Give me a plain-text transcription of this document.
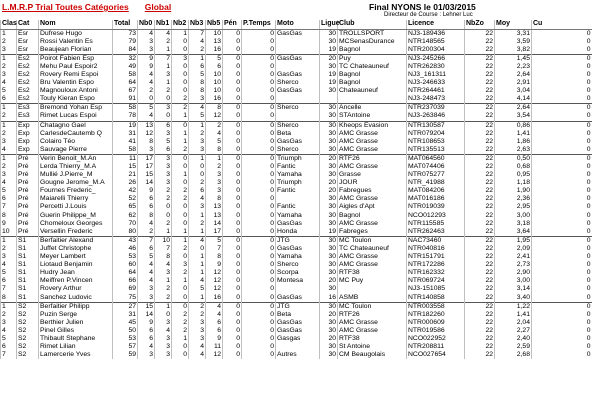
L.M.R.P Trial Toutes Catégories Global	Final NYONS le 01/03/2015
Directeur de Course : Lehner Luc
Clas	Cat	Nom	Total	Nb0	Nb1	Nb2	Nb3	Nb5	Pén	P.Temps	Moto	Ligue	Club	Licence	NbZo	Moy	Cu
1	Esr	Dufrese Hugo	73	4	4	1	7	10	0	0	GasGas	30	TROLLSPORT	NJ3-189436	22	3,31	0
2	Esr	Rossi Valentin Es	79	3	2	0	4	13	0	0		30	MCSenasDurance	NTR148565	22	3,59	0
3	Esr	Beaujean Florian	84	3	1	0	2	16	0	0		19	Bagnol	NTR200304	22	3,82	0
1	Es2	Poirot Fabien Esp	32	9	7	3	1	5	0	0	GasGas	20	Puy	NJ3-245266	22	1,45	0
2	Es2	Mehu Paul Espoir2	49	9	1	0	6	6	0	0		30	TC Chateauneuf	NTR262830	22	2,23	0
3	Es2	Rovery Remi Espoi	58	4	3	0	5	10	0	0	GasGas	19	Bagnol	NJ3_161311	22	2,64	0
4	Es2	Bru Valentin Espo	64	4	1	0	8	10	0	0	Sherco	19	Bagnol	NJ3-246633	22	2,91	0
5	Es2	Magnouloux Antoni	67	2	2	0	8	10	0	0	GasGas	30	Chateauneuf	NTR264461	22	3,04	0
6	Es2	Touly Kieran Espo	91	0	0	2	3	16	0	0				NJ3-248473	22	4,14	0
1	Es3	Bremond Yohan Esp	58	5	3	2	4	8	0	0	Sherco	30	Ancelle	NTR237039	22	2,64	0
2	Es3	Rimet Lucas Espoi	78	4	0	1	5	12	0	0		30	STAntoine	NJ3-263846	22	3,54	0
1	Exp	Chatagno Gael	19	13	6	0	1	2	0	0	Sherco	30	Kheops Evasion	NTR130587	22	0,86	0
2	Exp	CarlesdeCautemb Q	31	12	3	1	2	4	0	0	Beta	30	AMC Grasse	NTR079204	22	1,41	0
3	Exp	Colairo Téo	41	8	5	1	3	5	0	0	GasGas	30	AMC Grasse	NTR108653	22	1,86	0
4	Exp	Sauvage Pierre	58	3	6	2	3	8	0	0	Sherco	30	AMC Grasse	NTR135513	22	2,63	0
1	Pré	Verin Benoit_M.An	11	17	3	0	1	1	0	0	Triumph	20	RTF26	MAT064560	22	0,50	0
2	Pré	Lerda Thierry_M.A	15	17	3	0	0	2	0	0	Fantic	30	AMC Grasse	MAT074406	22	0,68	0
3	Pré	Mullié J.Pierre_M	21	15	3	1	0	3	0	0	Yamaha	30	Grasse	NTR075277	22	0,95	0
4	Pré	Gougne Jerome_M.A	26	14	3	0	2	3	0	0	Triumph	20	JOUR	NTR_41988	22	1,18	0
5	Pré	Fournes Frederic_	42	9	2	2	6	3	0	0	Fantic	20	Fabregues	MAT084206	22	1,90	0
6	Pré	Maiarelli Thierry	52	6	2	2	4	8	0	0		30	AMC Grasse	MAT016186	22	2,36	0
7	Pré	Percetti J.Louis	65	6	0	0	3	13	0	0	Fantic	30	Aigles d'Apt	NTR019039	22	2,95	0
8	Pré	Guerin Philippe_M	62	8	0	0	1	13	0	0	Yamaha	30	Bagnol	NCO012293	22	3,00	0
9	Pré	Chomeloux Georges	70	4	2	0	2	14	0	0	GasGas	30	AMC Grasse	NTR115585	22	3,18	0
10	Pré	Versellin Frederic	80	2	1	1	1	17	0	0	Honda	19	Fabreges	NTR262463	22	3,64	0
1	S1	Berfaitier Alexand	43	7	10	1	4	5	0	0	JTG	30	MC Toulon	NAC73460	22	1,95	0
2	S1	Juffet Christophe	46	6	7	2	0	7	0	0	GasGas	30	TC Chateauneuf	NTR040816	22	2,09	0
3	S1	Meyer Lambert	53	5	8	0	1	8	0	0	Yamaha	30	AMC Grasse	NTR151791	22	2,41	0
4	S1	Liotaud Benjamin	60	4	4	3	1	9	0	0	Sherco	30	AMC Grasse	NTR172286	22	2,73	0
5	S1	Hudry Jean	64	4	3	2	1	12	0	0	Scorpa	30	RTF38	NTR162332	22	2,90	0
6	S1	Meiffren P.Vincen	66	4	1	1	4	12	0	0	Montesa	20	MC Puy	NTR069724	22	3,00	0
7	S1	Rovery Arthur	69	3	2	0	5	12	0	0		30		NJ3-151085	22	3,14	0
8	S1	Sanchez Ludovic	75	3	2	0	1	16	0	0	GasGas	16	ASMB	NTR140858	22	3,40	0
1	S2	Berfaitier Philipp	27	15	1	0	2	4	0	0	JTG	30	MC Toulon	NTR003558	22	1,22	0
2	S2	Puzin Serge	31	14	0	2	2	4	0	0	Beta	20	RTF26	NTR182260	22	1,41	0
3	S2	Berthier Julien	45	9	3	2	3	6	0	0	GasGas	30	AMC Grasse	NTR000609	22	2,04	0
4	S2	Pinel Gilles	50	6	4	2	3	6	0	0	GasGas	30	AMC Grasse	NTR019586	22	2,27	0
5	S2	Thibault Stephane	53	6	3	1	3	9	0	0	Gasgas	20	RTF38	NCO022952	22	2,40	0
6	S2	Rimet Lilian	57	4	3	0	4	11	0	0		30	St Antoine	NTR208811	22	2,59	0
7	S2	Lamercerie Yves	59	3	3	0	4	12	0	0	Autres	30	CM Beaugolais	NCO027654	22	2,68	0
